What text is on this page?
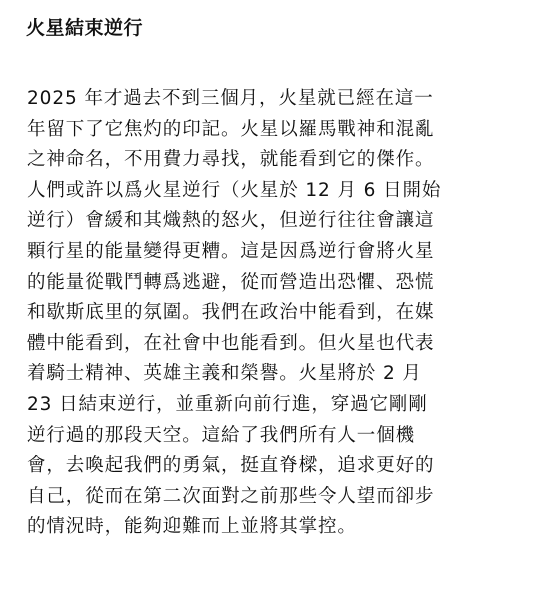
火星結束逆行
2025 年才過去不到三個月，火星就已經在這一
年留下了它焦灼的印記。火星以羅馬戰神和混亂
之神命名，不用費力尋找，就能看到它的傑作。
人們或許以爲火星逆行（火星於 12 月 6 日開始
逆行）會緩和其熾熱的怒火，但逆行往往會讓這
顆行星的能量變得更糟。這是因爲逆行會將火星
的能量從戰鬥轉爲逃避，從而營造出恐懼、恐慌
和歇斯底里的氛圍。我們在政治中能看到，在媒
體中能看到，在社會中也能看到。但火星也代表
着騎士精神、英雄主義和榮譽。火星將於 2 月
23 日結束逆行，並重新向前行進，穿過它剛剛
逆行過的那段天空。這給了我們所有人一個機
會，去喚起我們的勇氣，挺直脊樑，追求更好的
自己，從而在第二次面對之前那些令人望而卻步
的情況時，能夠迎難而上並將其掌控。
